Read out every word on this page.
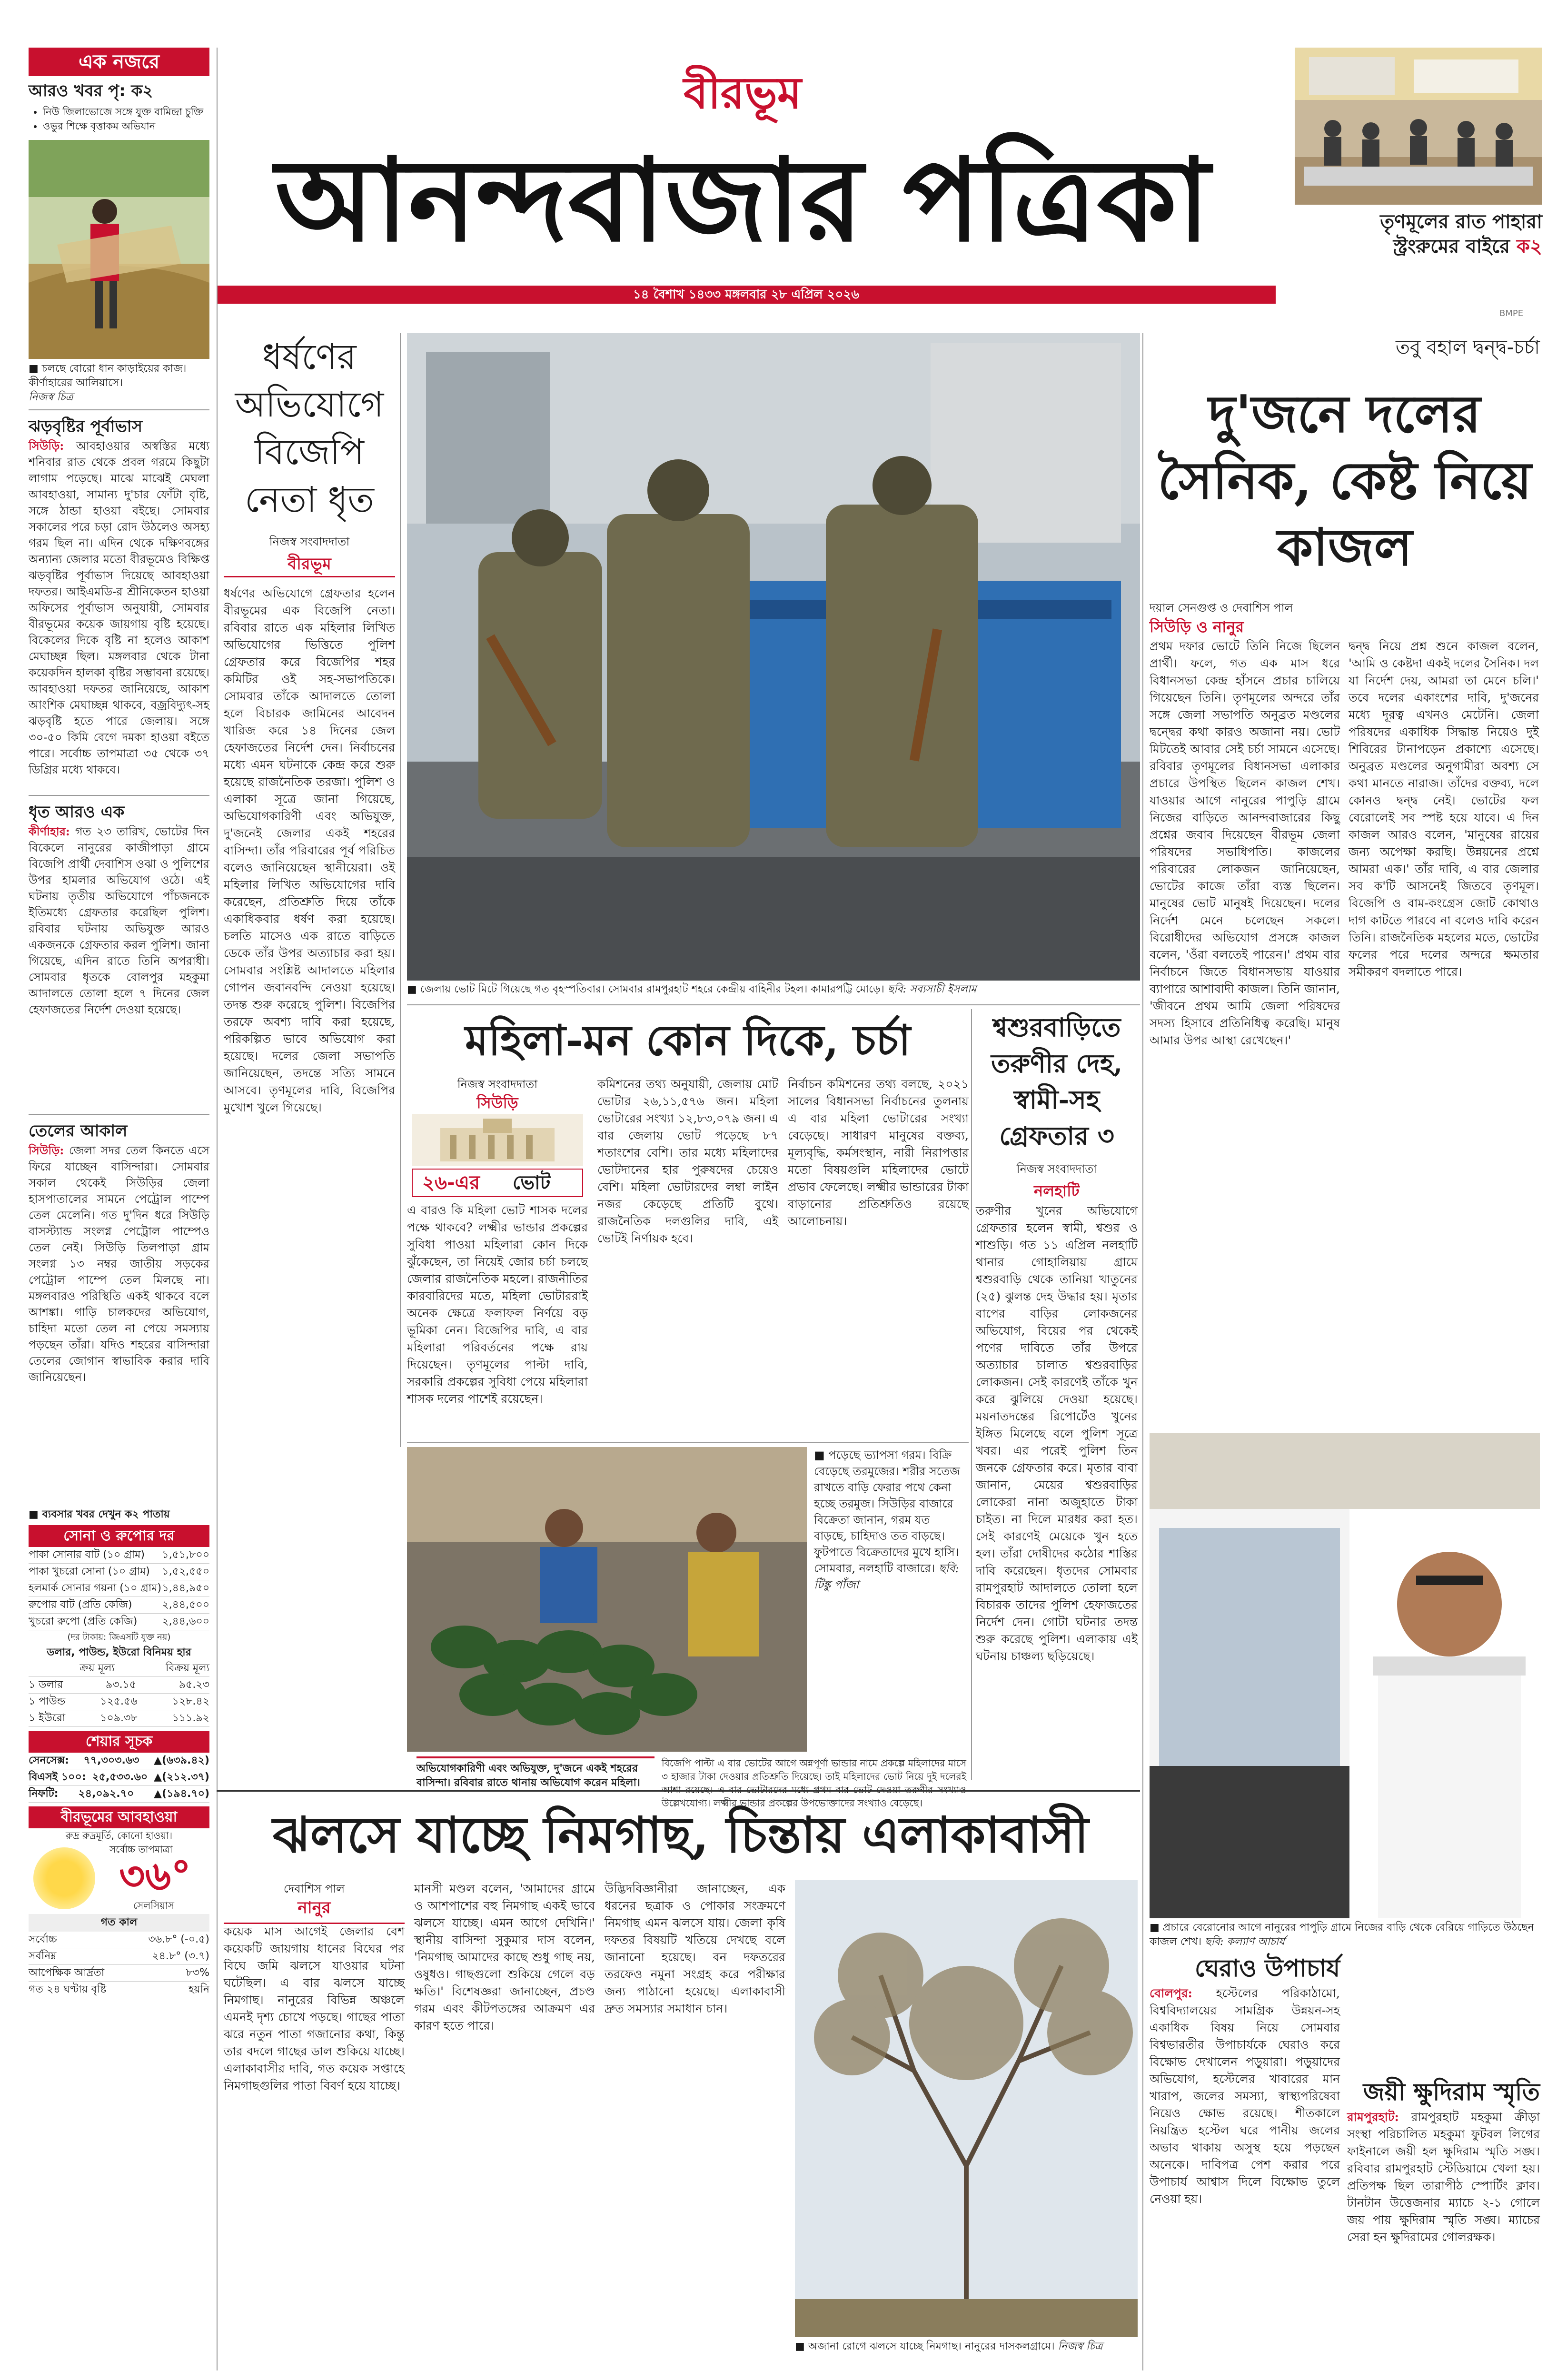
বীরভূম
আনন্দবাজার পত্রিকা
১৪ বৈশাখ ১৪৩৩ মঙ্গলবার ২৮ এপ্রিল ২০২৬
BMPE
তৃণমূলের রাত পাহারা
স্ট্রংরুমের বাইরে ক২
এক নজরে
আরও খবর পৃ: ক২
• নিউ জিলাভোজে সঙ্গে যুক্ত বামিন্দ্রা চুক্তি
• ওভুর শিক্ষে বৃত্তাকম অভিযান
■ চলছে বোরো ধান কাড়াইয়ের কাজ। কীর্ণাহারের আলিয়াসে।
নিজস্ব চিত্র
ঝড়বৃষ্টির পূর্বাভাস
সিউড়ি: আবহাওয়ার অস্বস্তির মধ্যে শনিবার রাত থেকে প্রবল গরমে কিছুটা লাগাম পড়েছে। মাঝে মাঝেই মেঘলা আবহাওয়া, সামান্য দু'চার ফোঁটা বৃষ্টি, সঙ্গে ঠান্ডা হাওয়া বইছে। সোমবার সকালের পরে চড়া রোদ উঠলেও অসহ্য গরম ছিল না। এদিন থেকে দক্ষিণবঙ্গের অন্যান্য জেলার মতো বীরভূমেও বিক্ষিপ্ত ঝড়বৃষ্টির পূর্বাভাস দিয়েছে আবহাওয়া দফতর। আইএমডি-র শ্রীনিকেতন হাওয়া অফিসের পূর্বাভাস অনুযায়ী, সোমবার বীরভূমের কয়েক জায়গায় বৃষ্টি হয়েছে। বিকেলের দিকে বৃষ্টি না হলেও আকাশ মেঘাচ্ছন্ন ছিল। মঙ্গলবার থেকে টানা কয়েকদিন হালকা বৃষ্টির সম্ভাবনা রয়েছে। আবহাওয়া দফতর জানিয়েছে, আকাশ আংশিক মেঘাচ্ছন্ন থাকবে, বজ্রবিদ্যুৎ-সহ ঝড়বৃষ্টি হতে পারে জেলায়। সঙ্গে ৩০-৫০ কিমি বেগে দমকা হাওয়া বইতে পারে। সর্বোচ্চ তাপমাত্রা ৩৫ থেকে ৩৭ ডিগ্রির মধ্যে থাকবে।
ধৃত আরও এক
কীর্ণাহার: গত ২৩ তারিখ, ভোটের দিন বিকেলে নানুরের কাজীপাড়া গ্রামে বিজেপি প্রার্থী দেবাশিস ওঝা ও পুলিশের উপর হামলার অভিযোগ ওঠে। এই ঘটনায় তৃতীয় অভিযোগে পাঁচজনকে ইতিমধ্যে গ্রেফতার করেছিল পুলিশ। রবিবার ঘটনায় অভিযুক্ত আরও একজনকে গ্রেফতার করল পুলিশ। জানা গিয়েছে, এদিন রাতে তিনি অপরাধী। সোমবার ধৃতকে বোলপুর মহকুমা আদালতে তোলা হলে ৭ দিনের জেল হেফাজতের নির্দেশ দেওয়া হয়েছে।
তেলের আকাল
সিউড়ি: জেলা সদর তেল কিনতে এসে ফিরে যাচ্ছেন বাসিন্দারা। সোমবার সকাল থেকেই সিউড়ির জেলা হাসপাতালের সামনে পেট্রোল পাম্পে তেল মেলেনি। গত দু'দিন ধরে সিউড়ি বাসস্ট্যান্ড সংলগ্ন পেট্রোল পাম্পেও তেল নেই। সিউড়ি তিলপাড়া গ্রাম সংলগ্ন ১৩ নম্বর জাতীয় সড়কের পেট্রোল পাম্পে তেল মিলছে না। মঙ্গলবারও পরিস্থিতি একই থাকবে বলে আশঙ্কা। গাড়ি চালকদের অভিযোগ, চাহিদা মতো তেল না পেয়ে সমস্যায় পড়ছেন তাঁরা। যদিও শহরের বাসিন্দারা তেলের জোগান স্বাভাবিক করার দাবি জানিয়েছেন।
■ ব্যবসার খবর দেখুন ক২ পাতায়
সোনা ও রুপোর দর
পাকা সোনার বাট (১০ গ্রাম) ১,৫১,৮০০
পাকা খুচরো সোনা (১০ গ্রাম) ১,৫২,৫৫০
হলমার্ক সোনার গয়না (১০ গ্রাম) ১,৪৪,৯৫০
রুপোর বাট (প্রতি কেজি)	২,৪৪,৫০০
খুচরো রুপো (প্রতি কেজি) ২,৪৪,৬০০
(দর টাকায়: জিএসটি যুক্ত নয়)
ডলার, পাউন্ড, ইউরো বিনিময় হার
ক্রয় মূল্য	বিক্রয় মূল্য
১ ডলার	৯৩.১৫	৯৫.২৩
১ পাউন্ড	১২৫.৫৬	১২৮.৪২
১ ইউরো	১০৯.৩৮	১১১.৯২
শেয়ার সূচক
সেনসেক্স: ৭৭,৩০৩.৬৩ ▲(৬৩৯.৪২)
বিএসই ১০০: ২৫,৫৩৩.৬০ ▲(২১২.৩৭)
নিফটি: ২৪,০৯২.৭০ ▲(১৯৪.৭০)
বীরভূমের আবহাওয়া
রুদ্র রুদ্রমূর্তি, কোনো হাওয়া।
সর্বোচ্চ তাপমাত্রা
৩৬°
সেলসিয়াস
গত কাল
সর্বোচ্চ	৩৬.৮° (-০.৫)
সর্বনিম্ন	২৪.৮° (৩.৭)
আপেক্ষিক আর্দ্রতা	৮৩%
গত ২৪ ঘণ্টায় বৃষ্টি	হয়নি
ধর্ষণের অভিযোগে বিজেপি নেতা ধৃত
নিজস্ব সংবাদদাতা
বীরভূম
ধর্ষণের অভিযোগে গ্রেফতার হলেন বীরভূমের এক বিজেপি নেতা। রবিবার রাতে এক মহিলার লিখিত অভিযোগের ভিত্তিতে পুলিশ গ্রেফতার করে বিজেপির শহর কমিটির ওই সহ-সভাপতিকে। সোমবার তাঁকে আদালতে তোলা হলে বিচারক জামিনের আবেদন খারিজ করে ১৪ দিনের জেল হেফাজতের নির্দেশ দেন। নির্বাচনের মধ্যে এমন ঘটনাকে কেন্দ্র করে শুরু হয়েছে রাজনৈতিক তরজা। পুলিশ ও এলাকা সূত্রে জানা গিয়েছে, অভিযোগকারিণী এবং অভিযুক্ত, দু'জনেই জেলার একই শহরের বাসিন্দা। তাঁর পরিবারের পূর্ব পরিচিত বলেও জানিয়েছেন স্থানীয়েরা। ওই মহিলার লিখিত অভিযোগের দাবি করেছেন, প্রতিশ্রুতি দিয়ে তাঁকে একাধিকবার ধর্ষণ করা হয়েছে। চলতি মাসেও এক রাতে বাড়িতে ডেকে তাঁর উপর অত্যাচার করা হয়। সোমবার সংশ্লিষ্ট আদালতে মহিলার গোপন জবানবন্দি নেওয়া হয়েছে। তদন্ত শুরু করেছে পুলিশ। বিজেপির তরফে অবশ্য দাবি করা হয়েছে, পরিকল্পিত ভাবে অভিযোগ করা হয়েছে। দলের জেলা সভাপতি জানিয়েছেন, তদন্তে সত্যি সামনে আসবে। তৃণমূলের দাবি, বিজেপির মুখোশ খুলে গিয়েছে।
■ জেলায় ভোট মিটে গিয়েছে গত বৃহস্পতিবার। সোমবার রামপুরহাট শহরে কেন্দ্রীয় বাহিনীর টহল। কামারপট্টি মোড়ে। ছবি: সব্যসাচী ইসলাম
তবু বহাল দ্বন্দ্ব-চর্চা
দু'জনে দলের সৈনিক, কেষ্ট নিয়ে কাজল
দয়াল সেনগুপ্ত ও দেবাশিস পাল
সিউড়ি ও নানুর
প্রথম দফার ভোটে তিনি নিজে ছিলেন প্রার্থী। ফলে, গত এক মাস ধরে বিধানসভা কেন্দ্র হাঁসনে প্রচার চালিয়ে গিয়েছেন তিনি। তৃণমূলের অন্দরে তাঁর সঙ্গে জেলা সভাপতি অনুব্রত মণ্ডলের দ্বন্দ্বের কথা কারও অজানা নয়। ভোট মিটতেই আবার সেই চর্চা সামনে এসেছে। রবিবার তৃণমূলের বিধানসভা এলাকার প্রচারে উপস্থিত ছিলেন কাজল শেখ। যাওয়ার আগে নানুরের পাপুড়ি গ্রামে নিজের বাড়িতে আনন্দবাজারের কিছু প্রশ্নের জবাব দিয়েছেন বীরভূম জেলা পরিষদের সভাধিপতি। কাজলের পরিবারের লোকজন জানিয়েছেন, ভোটের কাজে তাঁরা ব্যস্ত ছিলেন। মানুষের ভোট মানুষই দিয়েছেন। দলের নির্দেশ মেনে চলেছেন সকলে। বিরোধীদের অভিযোগ প্রসঙ্গে কাজল বলেন, 'ওঁরা বলতেই পারেন।' প্রথম বার নির্বাচনে জিতে বিধানসভায় যাওয়ার ব্যাপারে আশাবাদী কাজল। তিনি জানান, 'জীবনে প্রথম আমি জেলা পরিষদের সদস্য হিসাবে প্রতিনিধিত্ব করেছি। মানুষ আমার উপর আস্থা রেখেছেন।'
দ্বন্দ্ব নিয়ে প্রশ্ন শুনে কাজল বলেন, 'আমি ও কেষ্টদা একই দলের সৈনিক। দল যা নির্দেশ দেয়, আমরা তা মেনে চলি।' তবে দলের একাংশের দাবি, দু'জনের মধ্যে দূরত্ব এখনও মেটেনি। জেলা পরিষদের একাধিক সিদ্ধান্ত নিয়েও দুই শিবিরের টানাপড়েন প্রকাশ্যে এসেছে। অনুব্রত মণ্ডলের অনুগামীরা অবশ্য সে কথা মানতে নারাজ। তাঁদের বক্তব্য, দলে কোনও দ্বন্দ্ব নেই। ভোটের ফল বেরোলেই সব স্পষ্ট হয়ে যাবে। এ দিন কাজল আরও বলেন, 'মানুষের রায়ের জন্য অপেক্ষা করছি। উন্নয়নের প্রশ্নে আমরা এক।' তাঁর দাবি, এ বার জেলার সব ক'টি আসনেই জিতবে তৃণমূল। বিজেপি ও বাম-কংগ্রেস জোট কোথাও দাগ কাটতে পারবে না বলেও দাবি করেন তিনি। রাজনৈতিক মহলের মতে, ভোটের ফলের পরে দলের অন্দরে ক্ষমতার সমীকরণ বদলাতে পারে।
মহিলা-মন কোন দিকে, চর্চা
নিজস্ব সংবাদদাতা
সিউড়ি
২৬-এর ভোট
এ বারও কি মহিলা ভোট শাসক দলের পক্ষে থাকবে? লক্ষ্মীর ভান্ডার প্রকল্পের সুবিধা পাওয়া মহিলারা কোন দিকে ঝুঁকেছেন, তা নিয়েই জোর চর্চা চলছে জেলার রাজনৈতিক মহলে। রাজনীতির কারবারিদের মতে, মহিলা ভোটাররাই অনেক ক্ষেত্রে ফলাফল নির্ণয়ে বড় ভূমিকা নেন। বিজেপির দাবি, এ বার মহিলারা পরিবর্তনের পক্ষে রায় দিয়েছেন। তৃণমূলের পাল্টা দাবি, সরকারি প্রকল্পের সুবিধা পেয়ে মহিলারা শাসক দলের পাশেই রয়েছেন।
কমিশনের তথ্য অনুযায়ী, জেলায় মোট ভোটার ২৬,১১,৫৭৬ জন। মহিলা ভোটারের সংখ্যা ১২,৮৩,০৭৯ জন। এ বার জেলায় ভোট পড়েছে ৮৭ শতাংশের বেশি। তার মধ্যে মহিলাদের ভোটদানের হার পুরুষদের চেয়েও বেশি। মহিলা ভোটারদের লম্বা লাইন নজর কেড়েছে প্রতিটি বুথে। রাজনৈতিক দলগুলির দাবি, এই ভোটই নির্ণায়ক হবে।
নির্বাচন কমিশনের তথ্য বলছে, ২০২১ সালের বিধানসভা নির্বাচনের তুলনায় এ বার মহিলা ভোটারের সংখ্যা বেড়েছে। সাধারণ মানুষের বক্তব্য, মূল্যবৃদ্ধি, কর্মসংস্থান, নারী নিরাপত্তার মতো বিষয়গুলি মহিলাদের ভোটে প্রভাব ফেলেছে। লক্ষ্মীর ভান্ডারের টাকা বাড়ানোর প্রতিশ্রুতিও রয়েছে আলোচনায়।
শ্বশুরবাড়িতে তরুণীর দেহ, স্বামী-সহ গ্রেফতার ৩
নিজস্ব সংবাদদাতা
নলহাটি
তরুণীর খুনের অভিযোগে গ্রেফতার হলেন স্বামী, শ্বশুর ও শাশুড়ি। গত ১১ এপ্রিল নলহাটি থানার গোহালিয়ায় গ্রামে শ্বশুরবাড়ি থেকে তানিয়া খাতুনের (২৫) ঝুলন্ত দেহ উদ্ধার হয়। মৃতার বাপের বাড়ির লোকজনের অভিযোগ, বিয়ের পর থেকেই পণের দাবিতে তাঁর উপরে অত্যাচার চালাত শ্বশুরবাড়ির লোকজন। সেই কারণেই তাঁকে খুন করে ঝুলিয়ে দেওয়া হয়েছে। ময়নাতদন্তের রিপোর্টেও খুনের ইঙ্গিত মিলেছে বলে পুলিশ সূত্রে খবর। এর পরেই পুলিশ তিন জনকে গ্রেফতার করে। মৃতার বাবা জানান, মেয়ের শ্বশুরবাড়ির লোকেরা নানা অজুহাতে টাকা চাইত। না দিলে মারধর করা হত। সেই কারণেই মেয়েকে খুন হতে হল। তাঁরা দোষীদের কঠোর শাস্তির দাবি করেছেন। ধৃতদের সোমবার রামপুরহাট আদালতে তোলা হলে বিচারক তাদের পুলিশ হেফাজতের নির্দেশ দেন। গোটা ঘটনার তদন্ত শুরু করেছে পুলিশ। এলাকায় এই ঘটনায় চাঞ্চল্য ছড়িয়েছে।
■ প্রচারে বেরোনোর আগে নানুরের পাপুড়ি গ্রামে নিজের বাড়ি থেকে বেরিয়ে গাড়িতে উঠছেন কাজল শেখ। ছবি: কল্যাণ আচার্য
বিজেপি পাল্টা এ বার ভোটের আগে অন্নপূর্ণা ভান্ডার নামে প্রকল্পে মহিলাদের মাসে ৩ হাজার টাকা দেওয়ার প্রতিশ্রুতি দিয়েছে। তাই মহিলাদের ভোট নিয়ে দুই দলেরই উল্লেখযোগ্য। লক্ষ্মীর ভান্ডার প্রকল্পের উপভোক্তাদের সংখ্যাও বেড়েছে।
■ পড়েছে ভ্যাপসা গরম। বিক্রি বেড়েছে তরমুজের। শরীর সতেজ রাখতে বাড়ি ফেরার পথে কেনা হচ্ছে তরমুজ। সিউড়ির বাজারে বিক্রেতা জানান, গরম যত বাড়ছে, চাহিদাও তত বাড়ছে। ফুটপাতে বিক্রেতাদের মুখে হাসি। সোমবার, নলহাটি বাজারে। ছবি: টিঙ্কু পাঁজা
অভিযোগকারিণী এবং অভিযুক্ত, দু'জনে একই শহরের বাসিন্দা। রবিবার রাতে থানায় অভিযোগ করেন মহিলা।
ঝলসে যাচ্ছে নিমগাছ, চিন্তায় এলাকাবাসী
দেবাশিস পাল
নানুর
কয়েক মাস আগেই জেলার বেশ কয়েকটি জায়গায় ধানের বিঘের পর বিঘে জমি ঝলসে যাওয়ার ঘটনা ঘটেছিল। এ বার ঝলসে যাচ্ছে নিমগাছ। নানুরের বিভিন্ন অঞ্চলে এমনই দৃশ্য চোখে পড়ছে। গাছের পাতা ঝরে নতুন পাতা গজানোর কথা, কিন্তু তার বদলে গাছের ডাল শুকিয়ে যাচ্ছে। এলাকাবাসীর দাবি, গত কয়েক সপ্তাহে নিমগাছগুলির পাতা বিবর্ণ হয়ে যাচ্ছে।
মানসী মণ্ডল বলেন, 'আমাদের গ্রামে ও আশপাশের বহু নিমগাছ একই ভাবে ঝলসে যাচ্ছে। এমন আগে দেখিনি।' স্থানীয় বাসিন্দা সুকুমার দাস বলেন, 'নিমগাছ আমাদের কাছে শুধু গাছ নয়, ওষুধও। গাছগুলো শুকিয়ে গেলে বড় ক্ষতি।' বিশেষজ্ঞরা জানাচ্ছেন, প্রচণ্ড গরম এবং কীটপতঙ্গের আক্রমণ এর কারণ হতে পারে।
উদ্ভিদবিজ্ঞানীরা জানাচ্ছেন, এক ধরনের ছত্রাক ও পোকার সংক্রমণে নিমগাছ এমন ঝলসে যায়। জেলা কৃষি দফতর বিষয়টি খতিয়ে দেখছে বলে জানানো হয়েছে। বন দফতরের তরফেও নমুনা সংগ্রহ করে পরীক্ষার জন্য পাঠানো হয়েছে। এলাকাবাসী দ্রুত সমস্যার সমাধান চান।
■ অজানা রোগে ঝলসে যাচ্ছে নিমগাছ। নানুরের দাসকলগ্রামে। নিজস্ব চিত্র
ঘেরাও উপাচার্য
বোলপুর: হস্টেলের পরিকাঠামো, বিশ্ববিদ্যালয়ের সামগ্রিক উন্নয়ন-সহ একাধিক বিষয় নিয়ে সোমবার বিশ্বভারতীর উপাচার্যকে ঘেরাও করে বিক্ষোভ দেখালেন পড়ুয়ারা। পড়ুয়াদের অভিযোগ, হস্টেলের খাবারের মান খারাপ, জলের সমস্যা, স্বাস্থ্যপরিষেবা নিয়েও ক্ষোভ রয়েছে। শীতকালে নিয়ন্ত্রিত হস্টেল ঘরে পানীয় জলের অভাব থাকায় অসুস্থ হয়ে পড়ছেন অনেকে। দাবিপত্র পেশ করার পরে উপাচার্য আশ্বাস দিলে বিক্ষোভ তুলে নেওয়া হয়।
জয়ী ক্ষুদিরাম স্মৃতি
রামপুরহাট: রামপুরহাট মহকুমা ক্রীড়া সংস্থা পরিচালিত মহকুমা ফুটবল লিগের ফাইনালে জয়ী হল ক্ষুদিরাম স্মৃতি সঙ্ঘ। রবিবার রামপুরহাট স্টেডিয়ামে খেলা হয়। প্রতিপক্ষ ছিল তারাপীঠ স্পোর্টিং ক্লাব। টানটান উত্তেজনার ম্যাচে ২-১ গোলে জয় পায় ক্ষুদিরাম স্মৃতি সঙ্ঘ। ম্যাচের সেরা হন ক্ষুদিরামের গোলরক্ষক।
